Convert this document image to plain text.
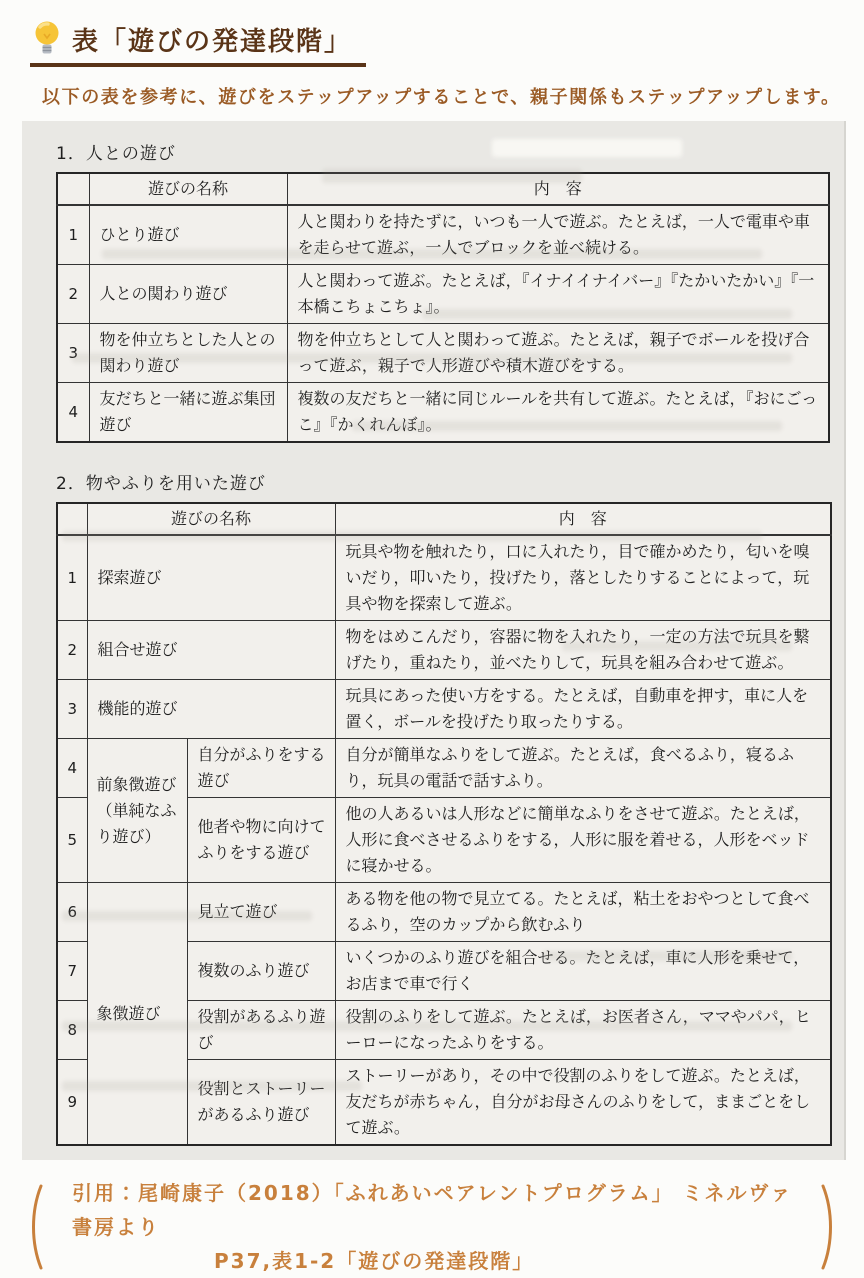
表「遊びの発達段階」
以下の表を参考に、遊びをステップアップすることで、親子関係もステップアップします。
1．人との遊び
	遊びの名称	内　容
1	ひとり遊び	人と関わりを持たずに，いつも一人で遊ぶ。たとえば，一人で電車や車を走らせて遊ぶ，一人でブロックを並べ続ける。
2	人との関わり遊び	人と関わって遊ぶ。たとえば，『イナイイナイバー』『たかいたかい』『一本橋こちょこちょ』。
3	物を仲立ちとした人との関わり遊び	物を仲立ちとして人と関わって遊ぶ。たとえば，親子でボールを投げ合って遊ぶ，親子で人形遊びや積木遊びをする。
4	友だちと一緒に遊ぶ集団遊び	複数の友だちと一緒に同じルールを共有して遊ぶ。たとえば，『おにごっこ』『かくれんぼ』。
2．物やふりを用いた遊び
	遊びの名称		内　容
1	探索遊び		玩具や物を触れたり，口に入れたり，目で確かめたり，匂いを嗅いだり，叩いたり，投げたり，落としたりすることによって，玩具や物を探索して遊ぶ。
2	組合せ遊び		物をはめこんだり，容器に物を入れたり，一定の方法で玩具を繋げたり，重ねたり，並べたりして，玩具を組み合わせて遊ぶ。
3	機能的遊び		玩具にあった使い方をする。たとえば，自動車を押す，車に人を置く，ボールを投げたり取ったりする。
4	前象徴遊び（単純なふり遊び）	自分がふりをする遊び	自分が簡単なふりをして遊ぶ。たとえば，食べるふり，寝るふり，玩具の電話で話すふり。
5		他者や物に向けてふりをする遊び	他の人あるいは人形などに簡単なふりをさせて遊ぶ。たとえば，人形に食べさせるふりをする，人形に服を着せる，人形をベッドに寝かせる。
6	象徴遊び	見立て遊び	ある物を他の物で見立てる。たとえば，粘土をおやつとして食べるふり，空のカップから飲むふり
7		複数のふり遊び	いくつかのふり遊びを組合せる。たとえば，車に人形を乗せて，お店まで車で行く
8		役割があるふり遊び	役割のふりをして遊ぶ。たとえば，お医者さん，ママやパパ，ヒーローになったふりをする。
9		役割とストーリーがあるふり遊び	ストーリーがあり，その中で役割のふりをして遊ぶ。たとえば，友だちが赤ちゃん，自分がお母さんのふりをして，ままごとをして遊ぶ。
引用：尾崎康子（2018）「ふれあいペアレントプログラム」 ミネルヴァ書房より
P37,表1-2「遊びの発達段階」
